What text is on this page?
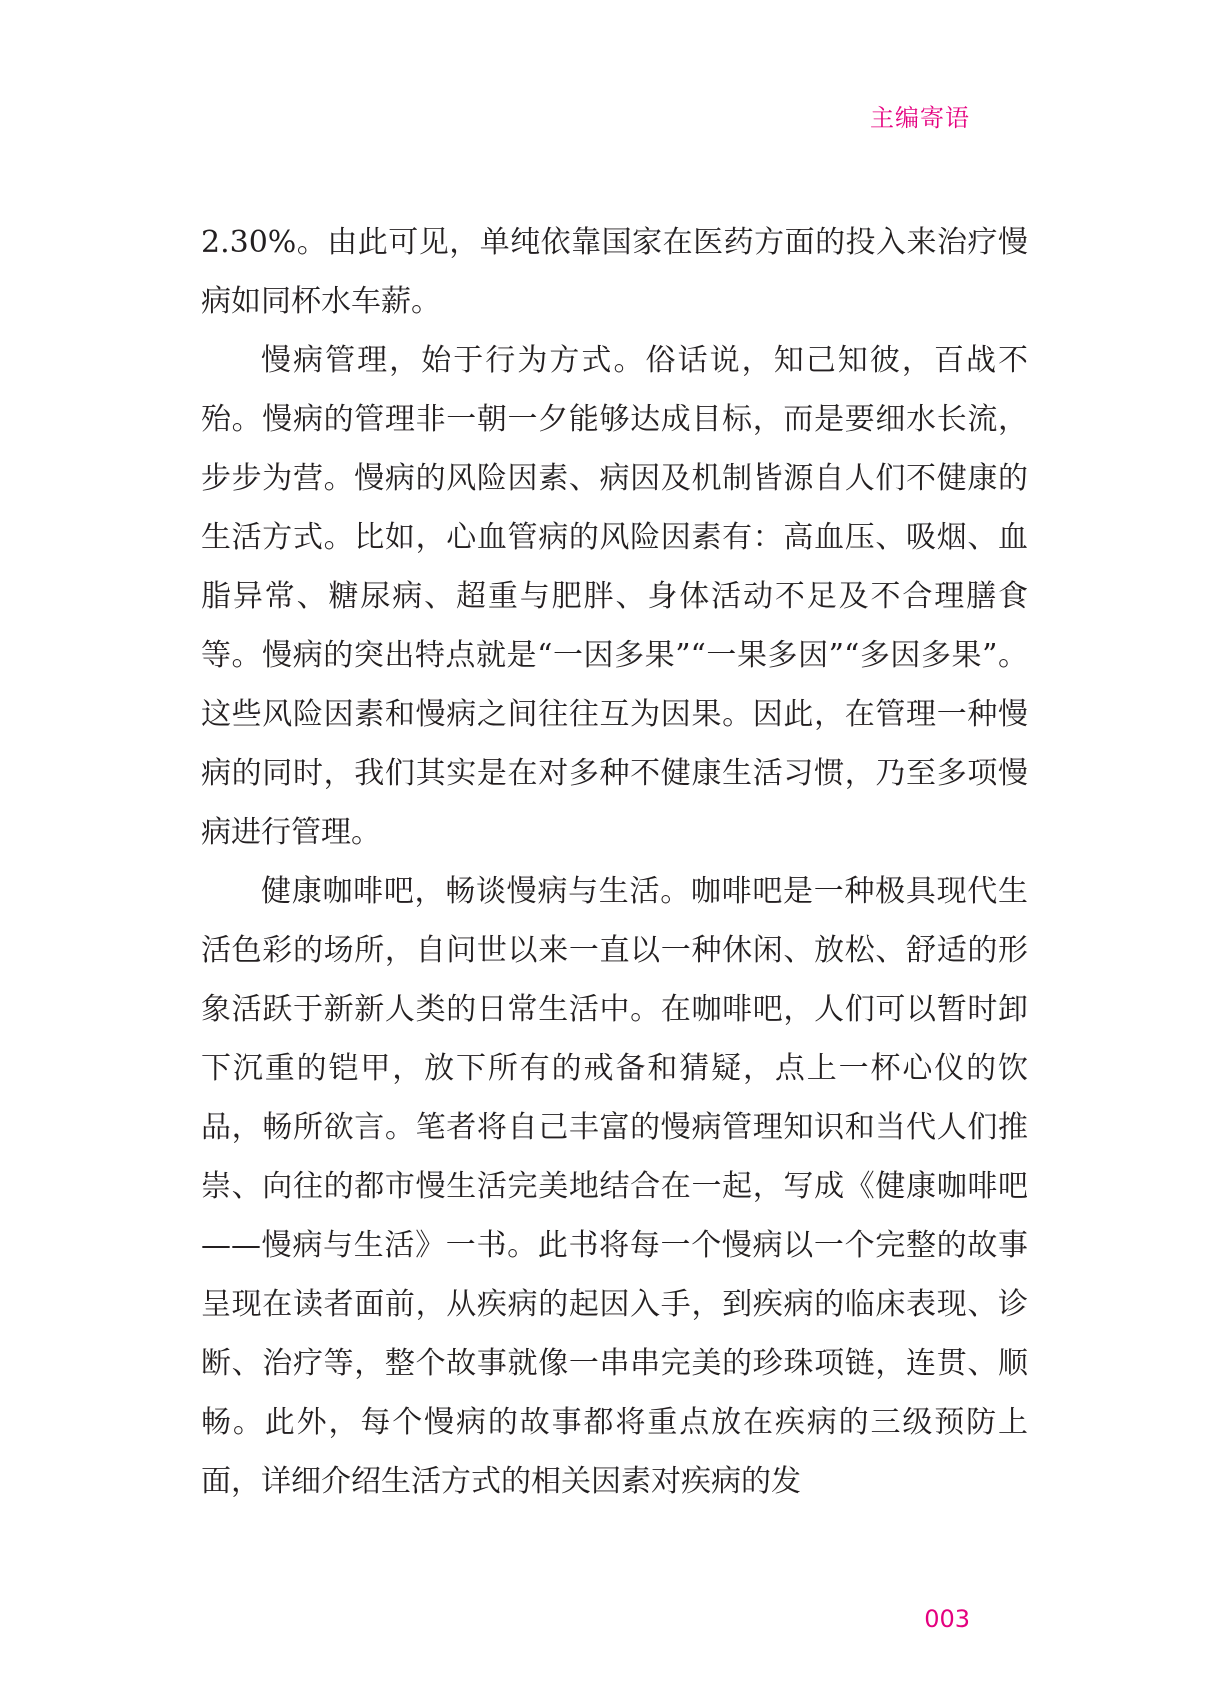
主编寄语

2.30%。由此可见，单纯依靠国家在医药方面的投入来治疗慢病如同杯水车薪。

慢病管理，始于行为方式。俗话说，知己知彼，百战不殆。慢病的管理非一朝一夕能够达成目标，而是要细水长流，步步为营。慢病的风险因素、病因及机制皆源自人们不健康的生活方式。比如，心血管病的风险因素有：高血压、吸烟、血脂异常、糖尿病、超重与肥胖、身体活动不足及不合理膳食等。慢病的突出特点就是“一因多果”“一果多因”“多因多果”。这些风险因素和慢病之间往往互为因果。因此，在管理一种慢病的同时，我们其实是在对多种不健康生活习惯，乃至多项慢病进行管理。

健康咖啡吧，畅谈慢病与生活。咖啡吧是一种极具现代生活色彩的场所，自问世以来一直以一种休闲、放松、舒适的形象活跃于新新人类的日常生活中。在咖啡吧，人们可以暂时卸下沉重的铠甲，放下所有的戒备和猜疑，点上一杯心仪的饮品，畅所欲言。笔者将自己丰富的慢病管理知识和当代人们推崇、向往的都市慢生活完美地结合在一起，写成《健康咖啡吧——慢病与生活》一书。此书将每一个慢病以一个完整的故事呈现在读者面前，从疾病的起因入手，到疾病的临床表现、诊断、治疗等，整个故事就像一串串完美的珍珠项链，连贯、顺畅。此外，每个慢病的故事都将重点放在疾病的三级预防上面，详细介绍生活方式的相关因素对疾病的发

003
